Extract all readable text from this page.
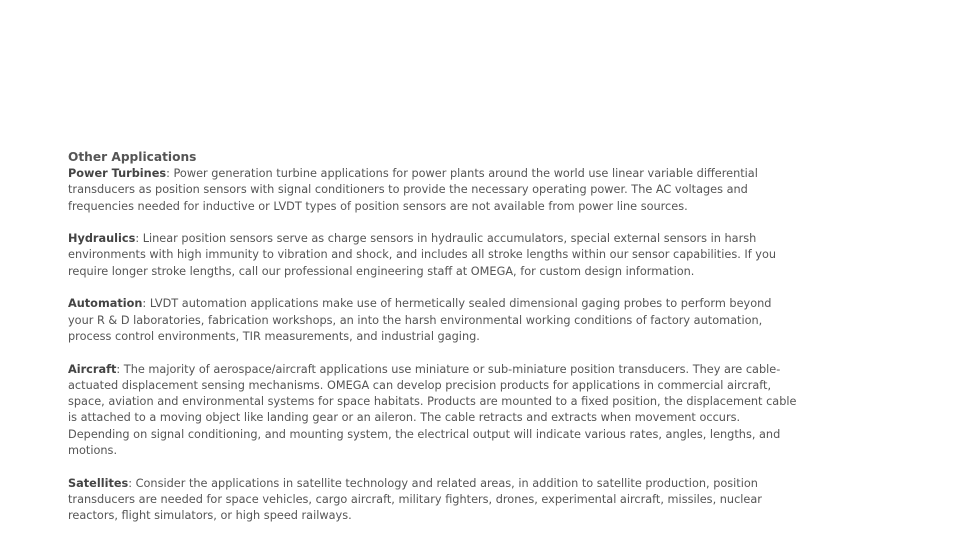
Other Applications

Power Turbines: Power generation turbine applications for power plants around the world use linear variable differential transducers as position sensors with signal conditioners to provide the necessary operating power. The AC voltages and frequencies needed for inductive or LVDT types of position sensors are not available from power line sources.

Hydraulics: Linear position sensors serve as charge sensors in hydraulic accumulators, special external sensors in harsh environments with high immunity to vibration and shock, and includes all stroke lengths within our sensor capabilities. If you require longer stroke lengths, call our professional engineering staff at OMEGA, for custom design information.

Automation: LVDT automation applications make use of hermetically sealed dimensional gaging probes to perform beyond your R & D laboratories, fabrication workshops, an into the harsh environmental working conditions of factory automation, process control environments, TIR measurements, and industrial gaging.

Aircraft: The majority of aerospace/aircraft applications use miniature or sub-miniature position transducers. They are cable-actuated displacement sensing mechanisms. OMEGA can develop precision products for applications in commercial aircraft, space, aviation and environmental systems for space habitats. Products are mounted to a fixed position, the displacement cable is attached to a moving object like landing gear or an aileron. The cable retracts and extracts when movement occurs. Depending on signal conditioning, and mounting system, the electrical output will indicate various rates, angles, lengths, and motions.

Satellites: Consider the applications in satellite technology and related areas, in addition to satellite production, position transducers are needed for space vehicles, cargo aircraft, military fighters, drones, experimental aircraft, missiles, nuclear reactors, flight simulators, or high speed railways.
